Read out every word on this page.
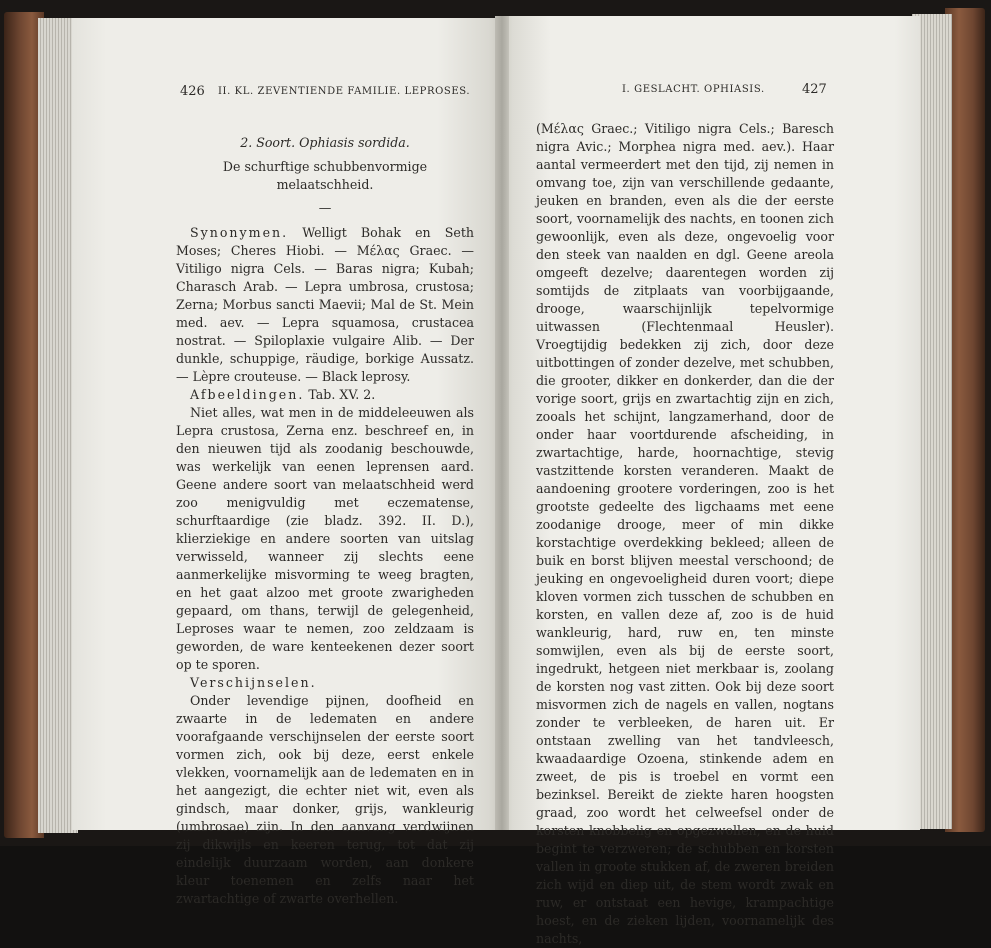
426 II. KL. ZEVENTIENDE FAMILIE. LEPROSES.

2. Soort. Ophiasis sordida.

De schurftige schubbenvormige melaatschheid.

—

Synonymen. Welligt Bohak en Seth Moses; Cheres Hiobi. — Μέλας Graec. — Vitiligo nigra Cels. — Baras nigra; Kubah; Charasch Arab. — Lepra umbrosa, crustosa; Zerna; Morbus sancti Maevii; Mal de St. Mein med. aev. — Lepra squamosa, crustacea nostrat. — Spiloplaxie vulgaire Alib. — Der dunkle, schuppige, räudige, borkige Aussatz. — Lèpre crouteuse. — Black leprosy.

Afbeeldingen. Tab. XV. 2.

Niet alles, wat men in de middeleeuwen als Lepra crustosa, Zerna enz. beschreef en, in den nieuwen tijd als zoodanig beschouwde, was werkelijk van eenen leprensen aard. Geene andere soort van melaatschheid werd zoo menigvuldig met eczematense, schurftaardige (zie bladz. 392. II. D.), klierziekige en andere soorten van uitslag verwisseld, wanneer zij slechts eene aanmerkelijke misvorming te weeg bragten, en het gaat alzoo met groote zwarigheden gepaard, om thans, terwijl de gelegenheid, Leproses waar te nemen, zoo zeldzaam is geworden, de ware kenteekenen dezer soort op te sporen.

Verschijnselen.

Onder levendige pijnen, doofheid en zwaarte in de ledematen en andere voorafgaande verschijnselen der eerste soort vormen zich, ook bij deze, eerst enkele vlekken, voornamelijk aan de ledematen en in het aangezigt, die echter niet wit, even als gindsch, maar donker, grijs, wankleurig (umbrosae) zijn. In den aanvang verdwijnen zij dikwijls en keeren terug, tot dat zij eindelijk duurzaam worden, aan donkere kleur toenemen en zelfs naar het zwartachtige of zwarte overhellen.

I. GESLACHT. OPHIASIS.	427

(Μέλας Graec.; Vitiligo nigra Cels.; Baresch nigra Avic.; Morphea nigra med. aev.). Haar aantal vermeerdert met den tijd, zij nemen in omvang toe, zijn van verschillende gedaante, jeuken en branden, even als die der eerste soort, voornamelijk des nachts, en toonen zich gewoonlijk, even als deze, ongevoelig voor den steek van naalden en dgl. Geene areola omgeeft dezelve; daarentegen worden zij somtijds de zitplaats van voorbijgaande, drooge, waarschijnlijk tepelvormige uitwassen (Flechtenmaal Heusler). Vroegtijdig bedekken zij zich, door deze uitbottingen of zonder dezelve, met schubben, die grooter, dikker en donkerder, dan die der vorige soort, grijs en zwartachtig zijn en zich, zooals het schijnt, langzamerhand, door de onder haar voortdurende afscheiding, in zwartachtige, harde, hoornachtige, stevig vastzittende korsten veranderen. Maakt de aandoening grootere vorderingen, zoo is het grootste gedeelte des ligchaams met eene zoodanige drooge, meer of min dikke korstachtige overdekking bekleed; alleen de buik en borst blijven meestal verschoond; de jeuking en ongevoeligheid duren voort; diepe kloven vormen zich tusschen de schubben en korsten, en vallen deze af, zoo is de huid wankleurig, hard, ruw en, ten minste somwijlen, even als bij de eerste soort, ingedrukt, hetgeen niet merkbaar is, zoolang de korsten nog vast zitten. Ook bij deze soort misvormen zich de nagels en vallen, nogtans zonder te verbleeken, de haren uit. Er ontstaan zwelling van het tandvleesch, kwaadaardige Ozoena, stinkende adem en zweet, de pis is troebel en vormt een bezinksel. Bereikt de ziekte haren hoogsten graad, zoo wordt het celweefsel onder de korsten knobbelig en opgezwollen, en de huid begint te verzweren; de schubben en korsten vallen in groote stukken af, de zweren breiden zich wijd en diep uit, de stem wordt zwak en ruw, er ontstaat een hevige, krampachtige hoest, en de zieken lijden, voornamelijk des nachts,
